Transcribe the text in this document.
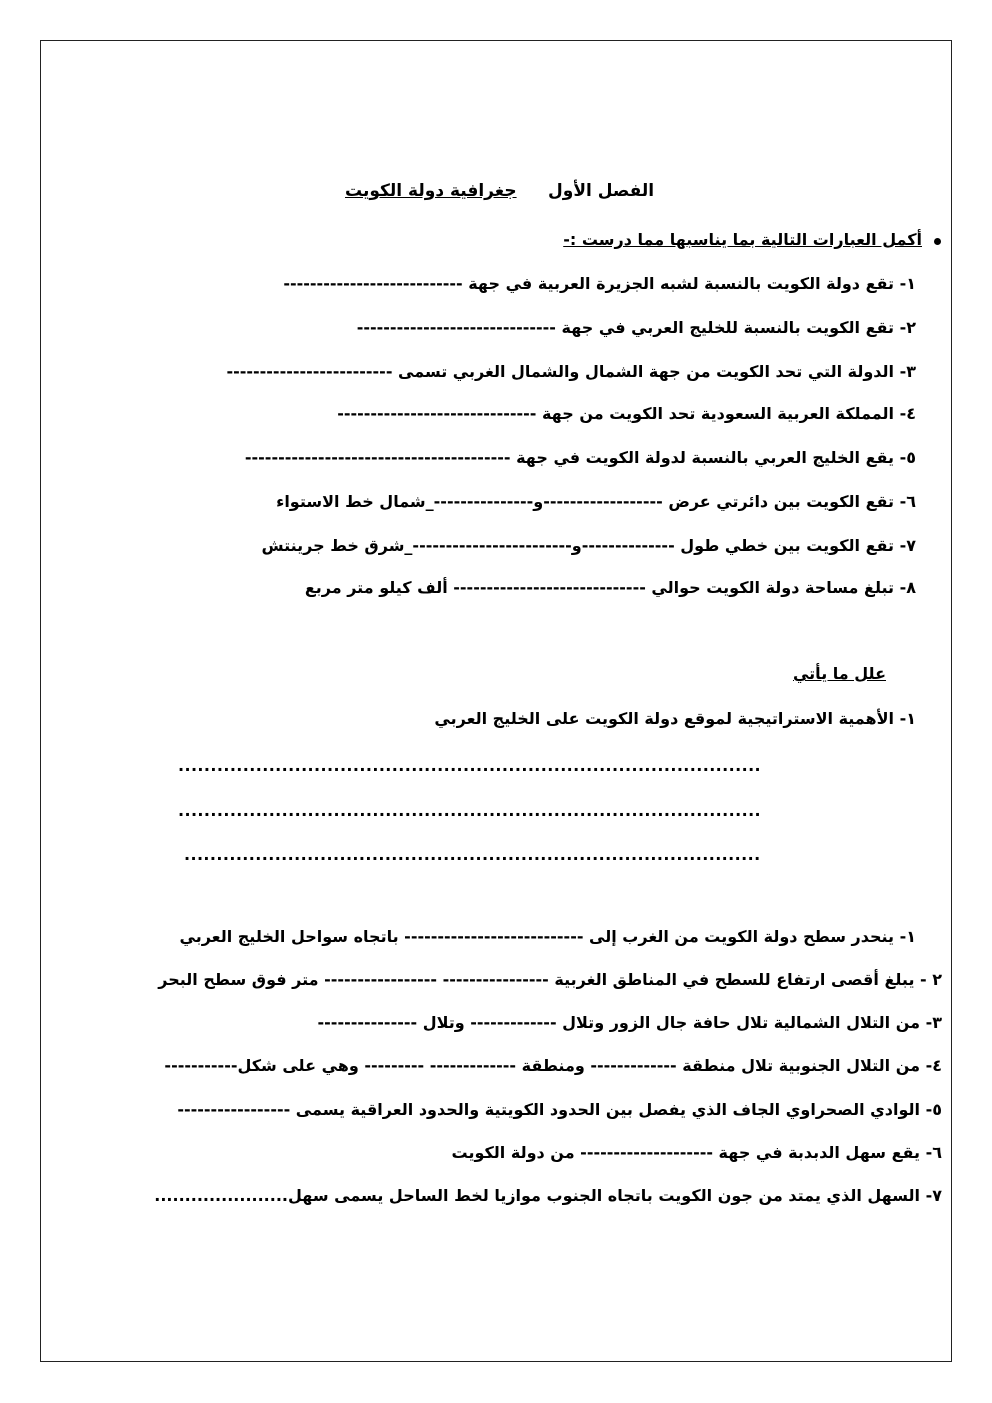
جغرافية دولة الكويت الفصل الأول
أكمل العبارات التالية بما يناسبها مما درست :-
١- تقع دولة الكويت بالنسبة لشبه الجزيرة العربية في جهة ---------------------------
٢- تقع الكويت بالنسبة للخليج العربي في جهة ------------------------------
٣- الدولة التي تحد الكويت من جهة الشمال والشمال الغربي تسمى -------------------------
٤- المملكة العربية السعودية تحد الكويت من جهة ------------------------------
٥- يقع الخليج العربي بالنسبة لدولة الكويت في جهة ----------------------------------------
٦- تقع الكويت بين دائرتي عرض ------------------و---------------_شمال خط الاستواء
٧- تقع الكويت بين خطي طول --------------و------------------------_شرق خط جرينتش
٨- تبلغ مساحة دولة الكويت حوالي ----------------------------- ألف كيلو متر مربع
علل ما يأتي
١- الأهمية الاستراتيجية لموقع دولة الكويت على الخليج العربي
..........................................................................................
..........................................................................................
.........................................................................................
١- ينحدر سطح دولة الكويت من الغرب إلى --------------------------- باتجاه سواحل الخليج العربي
٢ - يبلغ أقصى ارتفاع للسطح في المناطق الغربية ---------------- ----------------- متر فوق سطح البحر
٣- من التلال الشمالية تلال حافة جال الزور وتلال ------------- وتلال ---------------
٤- من التلال الجنوبية تلال منطقة ------------- ومنطقة ------------- --------- وهي على شكل-----------
٥- الوادي الصحراوي الجاف الذي يفصل بين الحدود الكويتية والحدود العراقية يسمى -----------------
٦- يقع سهل الدبدبة في جهة -------------------- من دولة الكويت
٧- السهل الذي يمتد من جون الكويت باتجاه الجنوب موازيا لخط الساحل يسمى سهل......................
